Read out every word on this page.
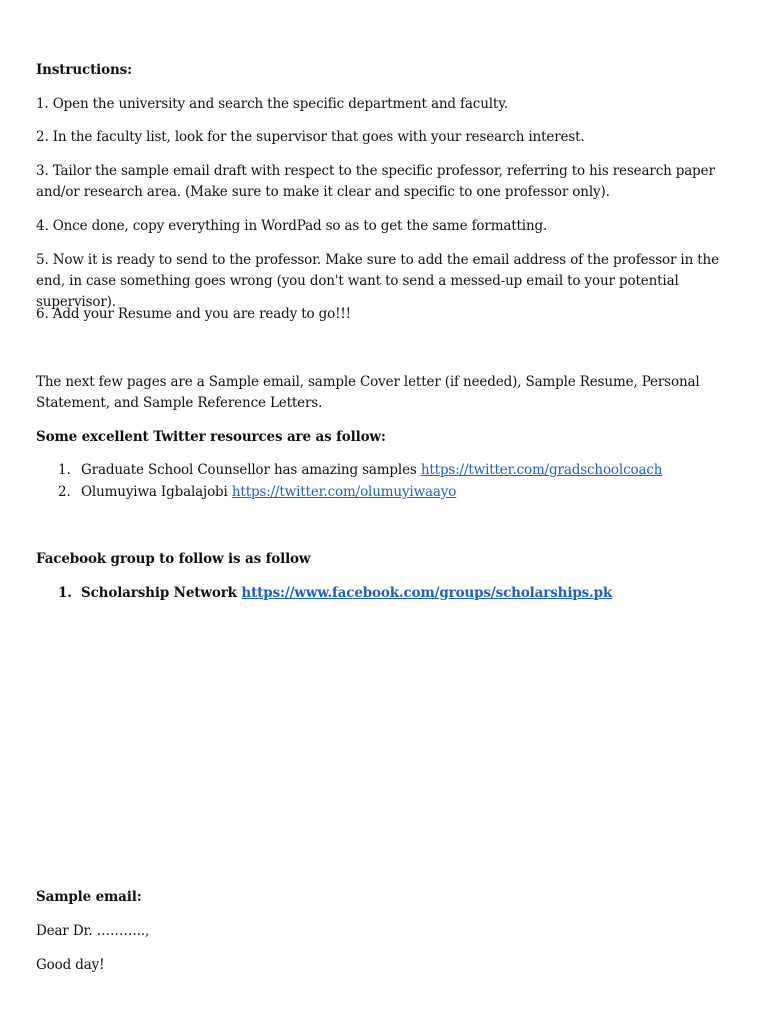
Instructions:
1. Open the university and search the specific department and faculty.
2. In the faculty list, look for the supervisor that goes with your research interest.
3. Tailor the sample email draft with respect to the specific professor, referring to his research paper and/or research area. (Make sure to make it clear and specific to one professor only).
4. Once done, copy everything in WordPad so as to get the same formatting.
5. Now it is ready to send to the professor. Make sure to add the email address of the professor in the end, in case something goes wrong (you don't want to send a messed-up email to your potential supervisor).
6. Add your Resume and you are ready to go!!!
The next few pages are a Sample email, sample Cover letter (if needed), Sample Resume, Personal Statement, and Sample Reference Letters.
Some excellent Twitter resources are as follow:
1. Graduate School Counsellor has amazing samples https://twitter.com/gradschoolcoach
2. Olumuyiwa Igbalajobi https://twitter.com/olumuyiwaayo
Facebook group to follow is as follow
1. Scholarship Network https://www.facebook.com/groups/scholarships.pk
Sample email:
Dear Dr. ………..,
Good day!
